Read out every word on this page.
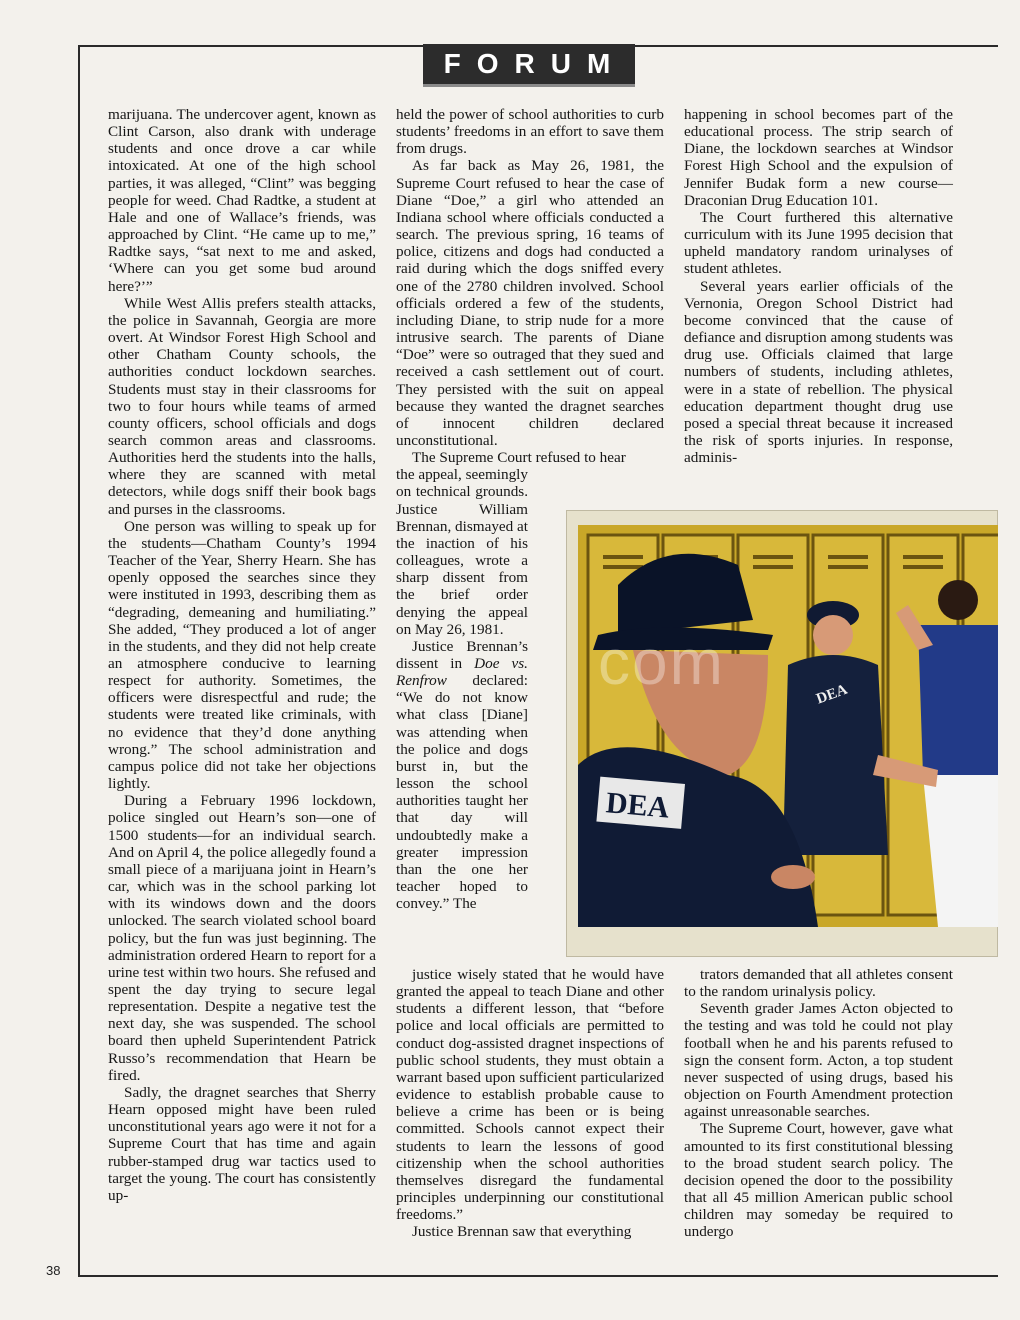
FORUM

marijuana. The undercover agent, known as Clint Carson, also drank with underage students and once drove a car while intoxicated. At one of the high school parties, it was alleged, “Clint” was begging people for weed. Chad Radtke, a student at Hale and one of Wallace’s friends, was approached by Clint. “He came up to me,” Radtke says, “sat next to me and asked, ‘Where can you get some bud around here?’”

While West Allis prefers stealth attacks, the police in Savannah, Georgia are more overt. At Windsor Forest High School and other Chatham County schools, the authorities conduct lockdown searches. Students must stay in their classrooms for two to four hours while teams of armed county officers, school officials and dogs search common areas and classrooms. Authorities herd the students into the halls, where they are scanned with metal detectors, while dogs sniff their book bags and purses in the classrooms.

One person was willing to speak up for the students—Chatham County’s 1994 Teacher of the Year, Sherry Hearn. She has openly opposed the searches since they were instituted in 1993, describing them as “degrading, demeaning and humiliating.” She added, “They produced a lot of anger in the students, and they did not help create an atmosphere conducive to learning respect for authority. Sometimes, the officers were disrespectful and rude; the students were treated like criminals, with no evidence that they’d done anything wrong.” The school administration and campus police did not take her objections lightly.

During a February 1996 lockdown, police singled out Hearn’s son—one of 1500 students—for an individual search. And on April 4, the police allegedly found a small piece of a marijuana joint in Hearn’s car, which was in the school parking lot with its windows down and the doors unlocked. The search violated school board policy, but the fun was just beginning. The administration ordered Hearn to report for a urine test within two hours. She refused and spent the day trying to secure legal representation. Despite a negative test the next day, she was suspended. The school board then upheld Superintendent Patrick Russo’s recommendation that Hearn be fired.

Sadly, the dragnet searches that Sherry Hearn opposed might have been ruled unconstitutional years ago were it not for a Supreme Court that has time and again rubber-stamped drug war tactics used to target the young. The court has consistently up-

held the power of school authorities to curb students’ freedoms in an effort to save them from drugs.

As far back as May 26, 1981, the Supreme Court refused to hear the case of Diane “Doe,” a girl who attended an Indiana school where officials conducted a search. The previous spring, 16 teams of police, citizens and dogs had conducted a raid during which the dogs sniffed every one of the 2780 children involved. School officials ordered a few of the students, including Diane, to strip nude for a more intrusive search. The parents of Diane “Doe” were so outraged that they sued and received a cash settlement out of court. They persisted with the suit on appeal because they wanted the dragnet searches of innocent children declared unconstitutional.

The Supreme Court refused to hear

the appeal, seemingly on technical grounds. Justice William Brennan, dismayed at the inaction of his colleagues, wrote a sharp dissent from the brief order denying the appeal on May 26, 1981.

Justice Brennan’s dissent in Doe vs. Renfrow declared: “We do not know what class [Diane] was attending when the police and dogs burst in, but the lesson the school authorities taught her that day will undoubtedly make a greater impression than the one her teacher hoped to convey.” The

justice wisely stated that he would have granted the appeal to teach Diane and other students a different lesson, that “before police and local officials are permitted to conduct dog-assisted dragnet inspections of public school students, they must obtain a warrant based upon sufficient particularized evidence to establish probable cause to believe a crime has been or is being committed. Schools cannot expect their students to learn the lessons of good citizenship when the school authorities themselves disregard the fundamental principles underpinning our constitutional freedoms.”

Justice Brennan saw that everything

happening in school becomes part of the educational process. The strip search of Diane, the lockdown searches at Windsor Forest High School and the expulsion of Jennifer Budak form a new course—Draconian Drug Education 101.

The Court furthered this alternative curriculum with its June 1995 decision that upheld mandatory random urinalyses of student athletes.

Several years earlier officials of the Vernonia, Oregon School District had become convinced that the cause of defiance and disruption among students was drug use. Officials claimed that large numbers of students, including athletes, were in a state of rebellion. The physical education department thought drug use posed a special threat because it increased the risk of sports injuries. In response, adminis-

trators demanded that all athletes consent to the random urinalysis policy.

Seventh grader James Acton objected to the testing and was told he could not play football when he and his parents refused to sign the consent form. Acton, a top student never suspected of using drugs, based his objection on Fourth Amendment protection against unreasonable searches.

The Supreme Court, however, gave what amounted to its first constitutional blessing to the broad student search policy. The decision opened the door to the possibility that all 45 million American public school children may someday be required to undergo

DEA
DEA
com
38
